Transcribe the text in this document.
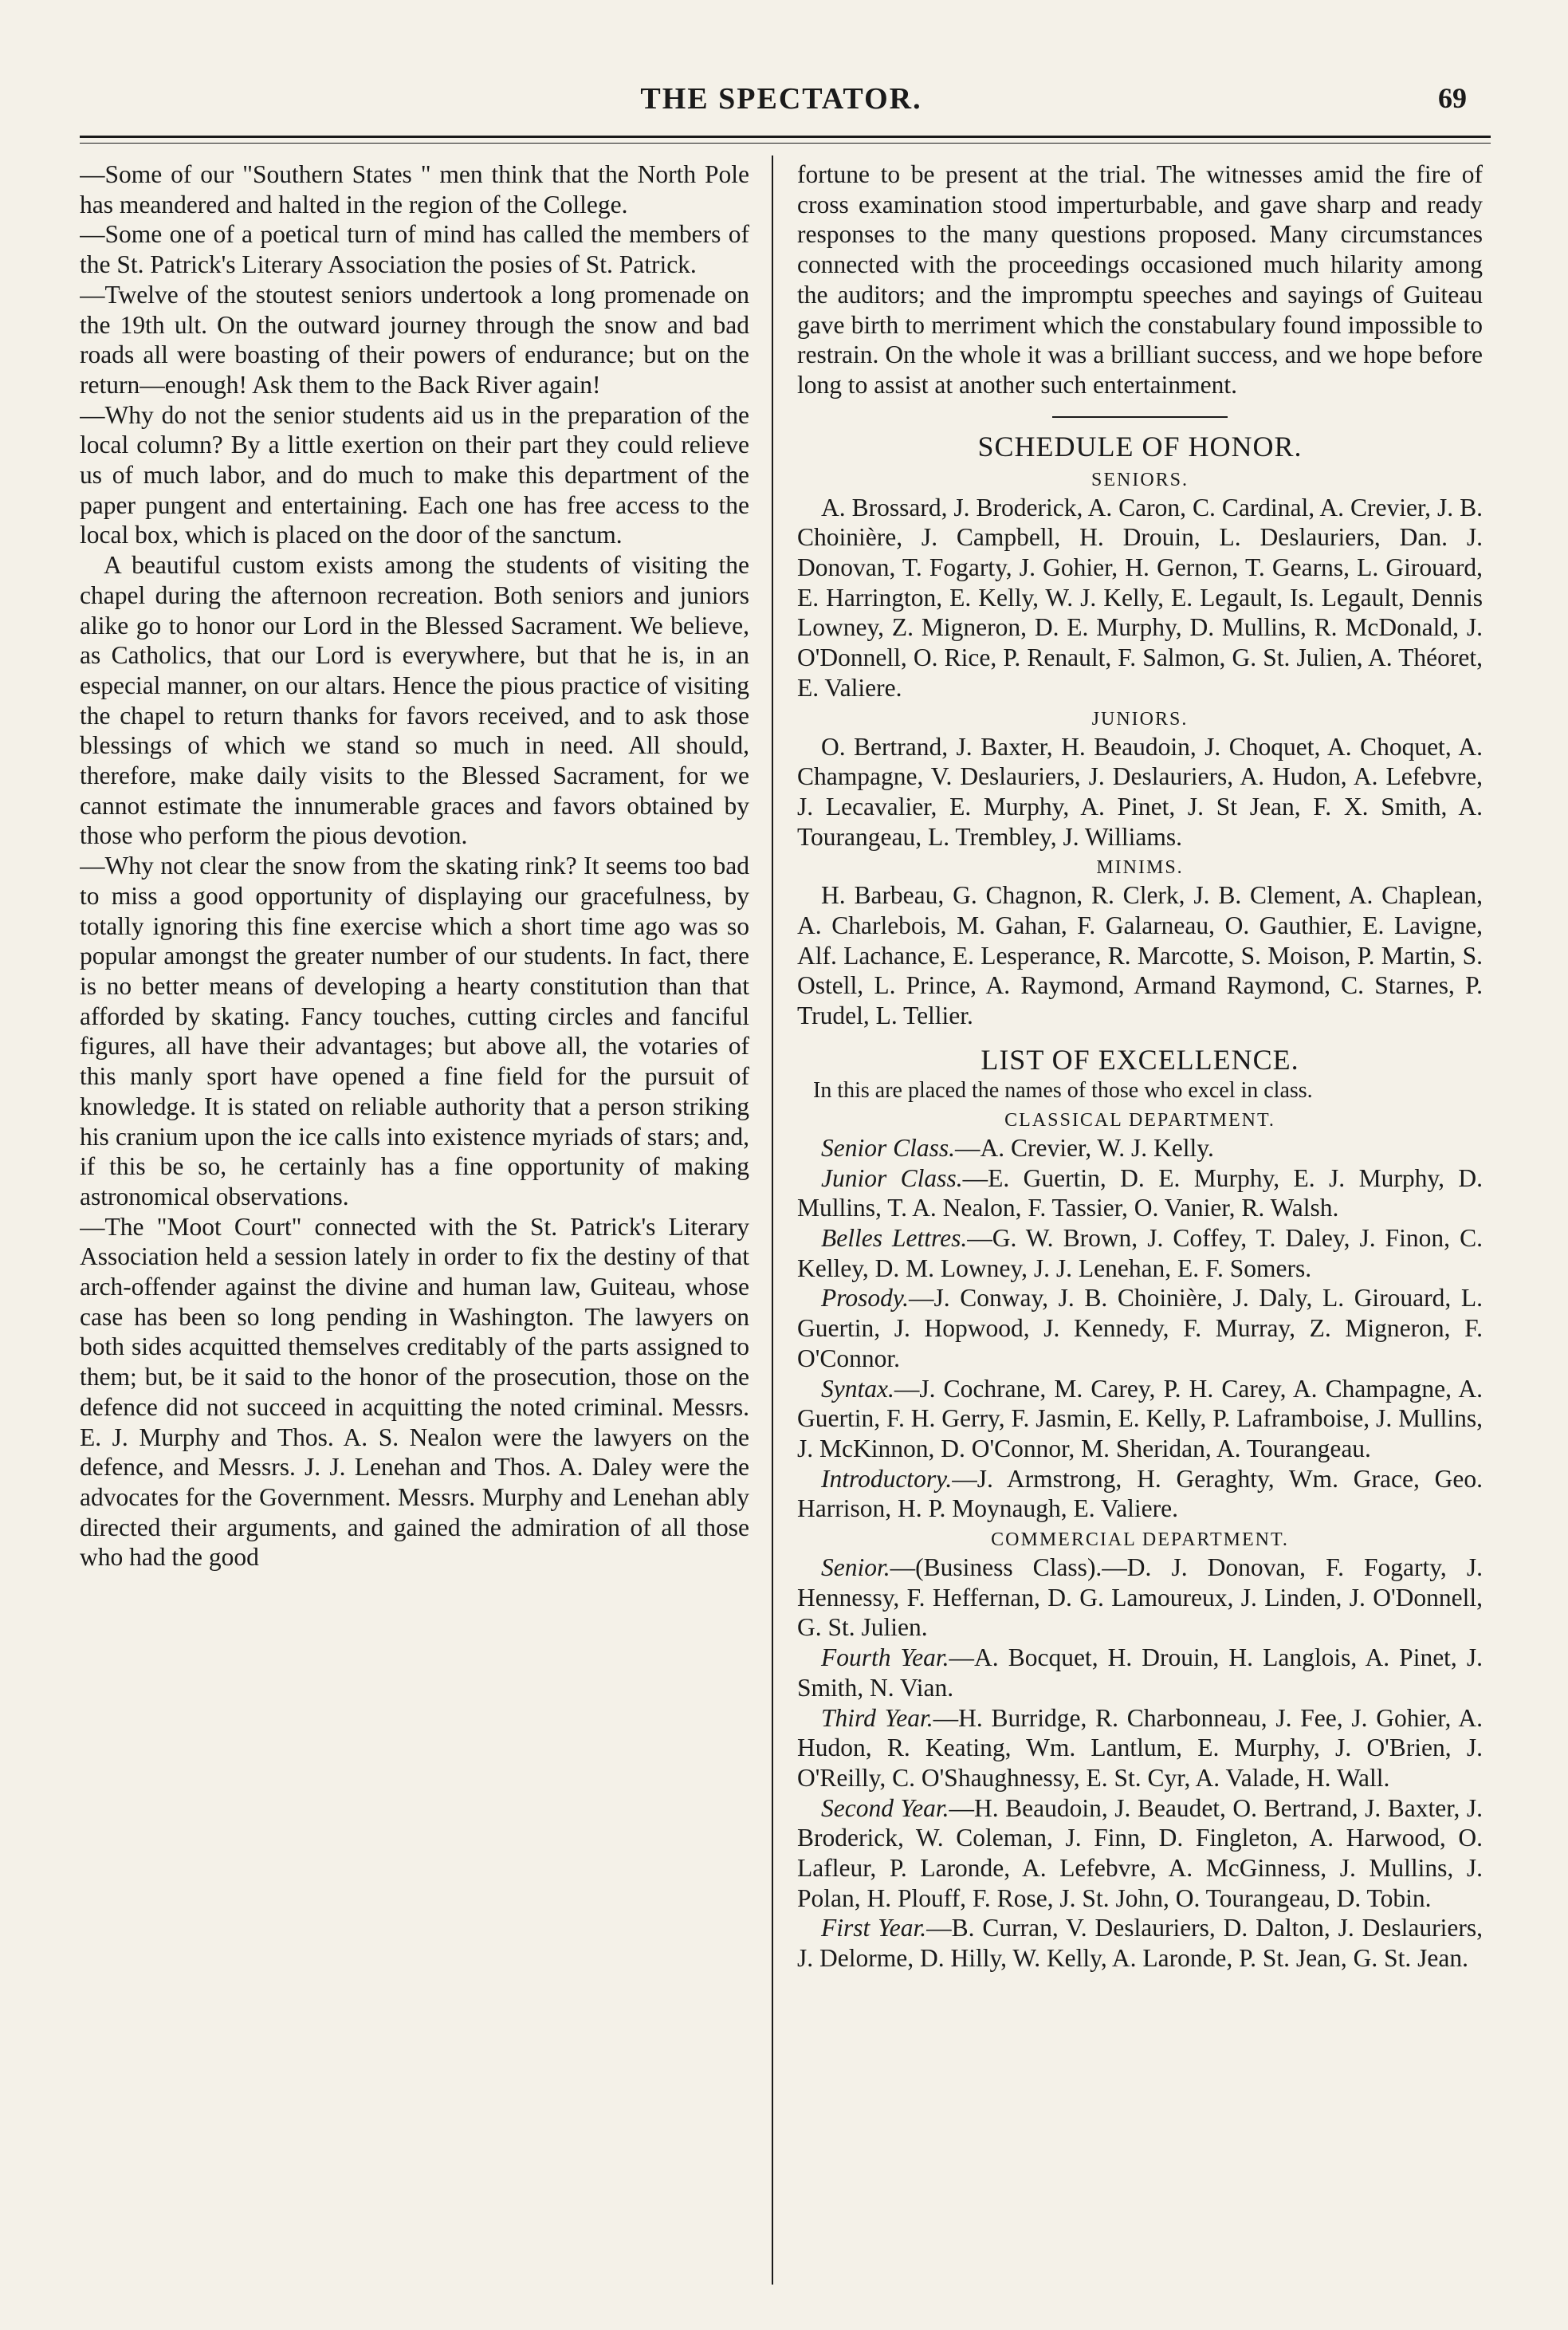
THE SPECTATOR.	69

—Some of our "Southern States " men think that the North Pole has meandered and halted in the region of the College.

—Some one of a poetical turn of mind has called the members of the St. Patrick's Literary Association the posies of St. Patrick.

—Twelve of the stoutest seniors undertook a long promenade on the 19th ult. On the outward journey through the snow and bad roads all were boasting of their powers of endurance; but on the return—enough! Ask them to the Back River again!

—Why do not the senior students aid us in the preparation of the local column? By a little exertion on their part they could relieve us of much labor, and do much to make this department of the paper pungent and entertaining. Each one has free access to the local box, which is placed on the door of the sanctum.

A beautiful custom exists among the students of visiting the chapel during the afternoon recreation. Both seniors and juniors alike go to honor our Lord in the Blessed Sacrament. We believe, as Catholics, that our Lord is everywhere, but that he is, in an especial manner, on our altars. Hence the pious practice of visiting the chapel to return thanks for favors received, and to ask those blessings of which we stand so much in need. All should, therefore, make daily visits to the Blessed Sacrament, for we cannot estimate the innumerable graces and favors obtained by those who perform the pious devotion.

—Why not clear the snow from the skating rink? It seems too bad to miss a good opportunity of displaying our gracefulness, by totally ignoring this fine exercise which a short time ago was so popular amongst the greater number of our students. In fact, there is no better means of developing a hearty constitution than that afforded by skating. Fancy touches, cutting circles and fanciful figures, all have their advantages; but above all, the votaries of this manly sport have opened a fine field for the pursuit of knowledge. It is stated on reliable authority that a person striking his cranium upon the ice calls into existence myriads of stars; and, if this be so, he certainly has a fine opportunity of making astronomical observations.

—The "Moot Court" connected with the St. Patrick's Literary Association held a session lately in order to fix the destiny of that arch-offender against the divine and human law, Guiteau, whose case has been so long pending in Washington. The lawyers on both sides acquitted themselves creditably of the parts assigned to them; but, be it said to the honor of the prosecution, those on the defence did not succeed in acquitting the noted criminal. Messrs. E. J. Murphy and Thos. A. S. Nealon were the lawyers on the defence, and Messrs. J. J. Lenehan and Thos. A. Daley were the advocates for the Government. Messrs. Murphy and Lenehan ably directed their arguments, and gained the admiration of all those who had the good

fortune to be present at the trial. The witnesses amid the fire of cross examination stood imperturbable, and gave sharp and ready responses to the many questions proposed. Many circumstances connected with the proceedings occasioned much hilarity among the auditors; and the impromptu speeches and sayings of Guiteau gave birth to merriment which the constabulary found impossible to restrain. On the whole it was a brilliant success, and we hope before long to assist at another such entertainment.

SCHEDULE OF HONOR.
SENIORS.

A. Brossard, J. Broderick, A. Caron, C. Cardinal, A. Crevier, J. B. Choinière, J. Campbell, H. Drouin, L. Deslauriers, Dan. J. Donovan, T. Fogarty, J. Gohier, H. Gernon, T. Gearns, L. Girouard, E. Harrington, E. Kelly, W. J. Kelly, E. Legault, Is. Legault, Dennis Lowney, Z. Migneron, D. E. Murphy, D. Mullins, R. McDonald, J. O'Donnell, O. Rice, P. Renault, F. Salmon, G. St. Julien, A. Théoret, E. Valiere.

JUNIORS.

O. Bertrand, J. Baxter, H. Beaudoin, J. Choquet, A. Choquet, A. Champagne, V. Deslauriers, J. Deslauriers, A. Hudon, A. Lefebvre, J. Lecavalier, E. Murphy, A. Pinet, J. St Jean, F. X. Smith, A. Tourangeau, L. Trembley, J. Williams.

MINIMS.

H. Barbeau, G. Chagnon, R. Clerk, J. B. Clement, A. Chaplean, A. Charlebois, M. Gahan, F. Galarneau, O. Gauthier, E. Lavigne, Alf. Lachance, E. Lesperance, R. Marcotte, S. Moison, P. Martin, S. Ostell, L. Prince, A. Raymond, Armand Raymond, C. Starnes, P. Trudel, L. Tellier.

LIST OF EXCELLENCE.

In this are placed the names of those who excel in class.

CLASSICAL DEPARTMENT.

Senior Class.—A. Crevier, W. J. Kelly.

Junior Class.—E. Guertin, D. E. Murphy, E. J. Murphy, D. Mullins, T. A. Nealon, F. Tassier, O. Vanier, R. Walsh.

Belles Lettres.—G. W. Brown, J. Coffey, T. Daley, J. Finon, C. Kelley, D. M. Lowney, J. J. Lenehan, E. F. Somers.

Prosody.—J. Conway, J. B. Choinière, J. Daly, L. Girouard, L. Guertin, J. Hopwood, J. Kennedy, F. Murray, Z. Migneron, F. O'Connor.

Syntax.—J. Cochrane, M. Carey, P. H. Carey, A. Champagne, A. Guertin, F. H. Gerry, F. Jasmin, E. Kelly, P. Laframboise, J. Mullins, J. McKinnon, D. O'Connor, M. Sheridan, A. Tourangeau.

Introductory.—J. Armstrong, H. Geraghty, Wm. Grace, Geo. Harrison, H. P. Moynaugh, E. Valiere.

COMMERCIAL DEPARTMENT.

Senior.—(Business Class).—D. J. Donovan, F. Fogarty, J. Hennessy, F. Heffernan, D. G. Lamoureux, J. Linden, J. O'Donnell, G. St. Julien.

Fourth Year.—A. Bocquet, H. Drouin, H. Langlois, A. Pinet, J. Smith, N. Vian.

Third Year.—H. Burridge, R. Charbonneau, J. Fee, J. Gohier, A. Hudon, R. Keating, Wm. Lantlum, E. Murphy, J. O'Brien, J. O'Reilly, C. O'Shaughnessy, E. St. Cyr, A. Valade, H. Wall.

Second Year.—H. Beaudoin, J. Beaudet, O. Bertrand, J. Baxter, J. Broderick, W. Coleman, J. Finn, D. Fingleton, A. Harwood, O. Lafleur, P. Laronde, A. Lefebvre, A. McGinness, J. Mullins, J. Polan, H. Plouff, F. Rose, J. St. John, O. Tourangeau, D. Tobin.

First Year.—B. Curran, V. Deslauriers, D. Dalton, J. Deslauriers, J. Delorme, D. Hilly, W. Kelly, A. Laronde, P. St. Jean, G. St. Jean.
